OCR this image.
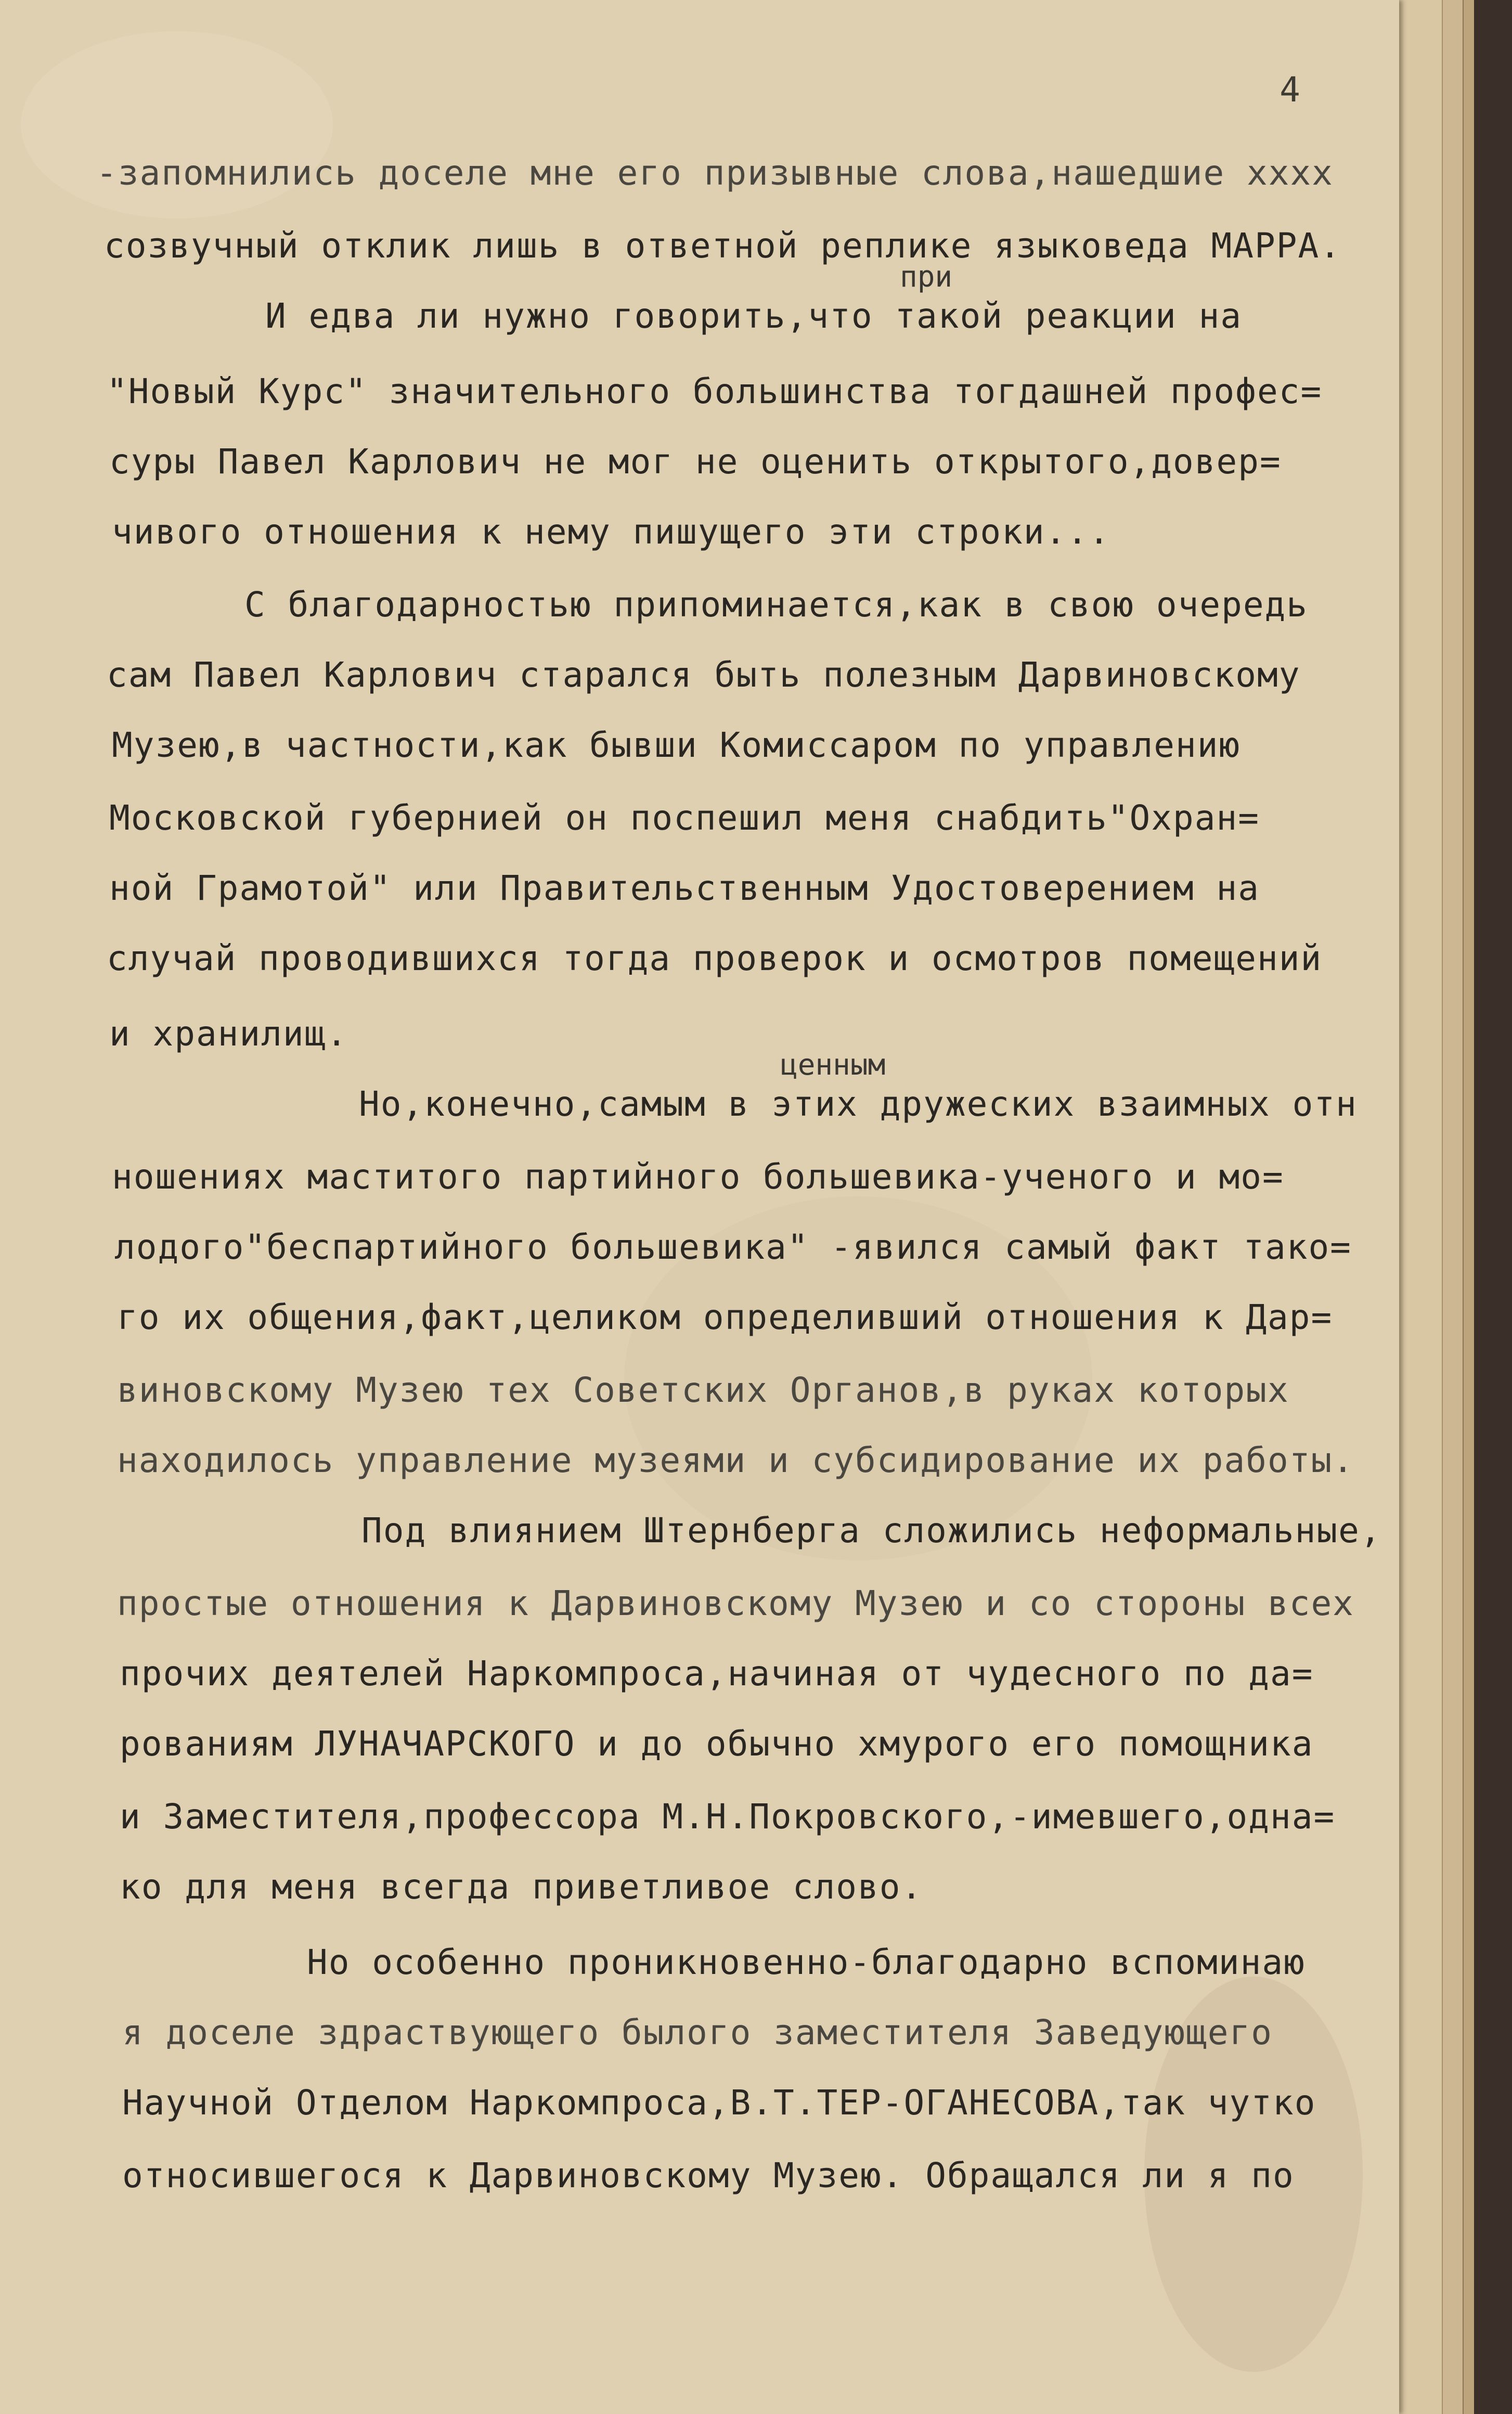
4
при
ценным
-запомнились доселе мне его призывные слова,нашедшие хххх
созвучный отклик лишь в ответной реплике языковеда МАРРА.
И едва ли нужно говорить,что такой реакции на
"Новый Курс" значительного большинства тогдашней профес=
суры Павел Карлович не мог не оценить открытого,довер=
чивого отношения к нему пишущего эти строки...
С благодарностью припоминается,как в свою очередь
сам Павел Карлович старался быть полезным Дарвиновскому
Музею,в частности,как бывши Комиссаром по управлению
Московской губернией он поспешил меня снабдить"Охран=
ной Грамотой" или Правительственным Удостоверением на
случай проводившихся тогда проверок и осмотров помещений
и хранилищ.
Но,конечно,самым в этих дружеских взаимных отн
ношениях маститого партийного большевика-ученого и мо=
лодого"беспартийного большевика" -явился самый факт тако=
го их общения,факт,целиком определивший отношения к Дар=
виновскому Музею тех Советских Органов,в руках которых
находилось управление музеями и субсидирование их работы.
Под влиянием Штернберга сложились неформальные,
простые отношения к Дарвиновскому Музею и со стороны всех
прочих деятелей Наркомпроса,начиная от чудесного по да=
рованиям ЛУНАЧАРСКОГО и до обычно хмурого его помощника
и Заместителя,профессора М.Н.Покровского,-имевшего,одна=
ко для меня всегда приветливое слово.
Но особенно проникновенно-благодарно вспоминаю
я доселе здраствующего былого заместителя Заведующего
Научной Отделом Наркомпроса,В.Т.ТЕР-ОГАНЕСОВА,так чутко
относившегося к Дарвиновскому Музею. Обращался ли я по
